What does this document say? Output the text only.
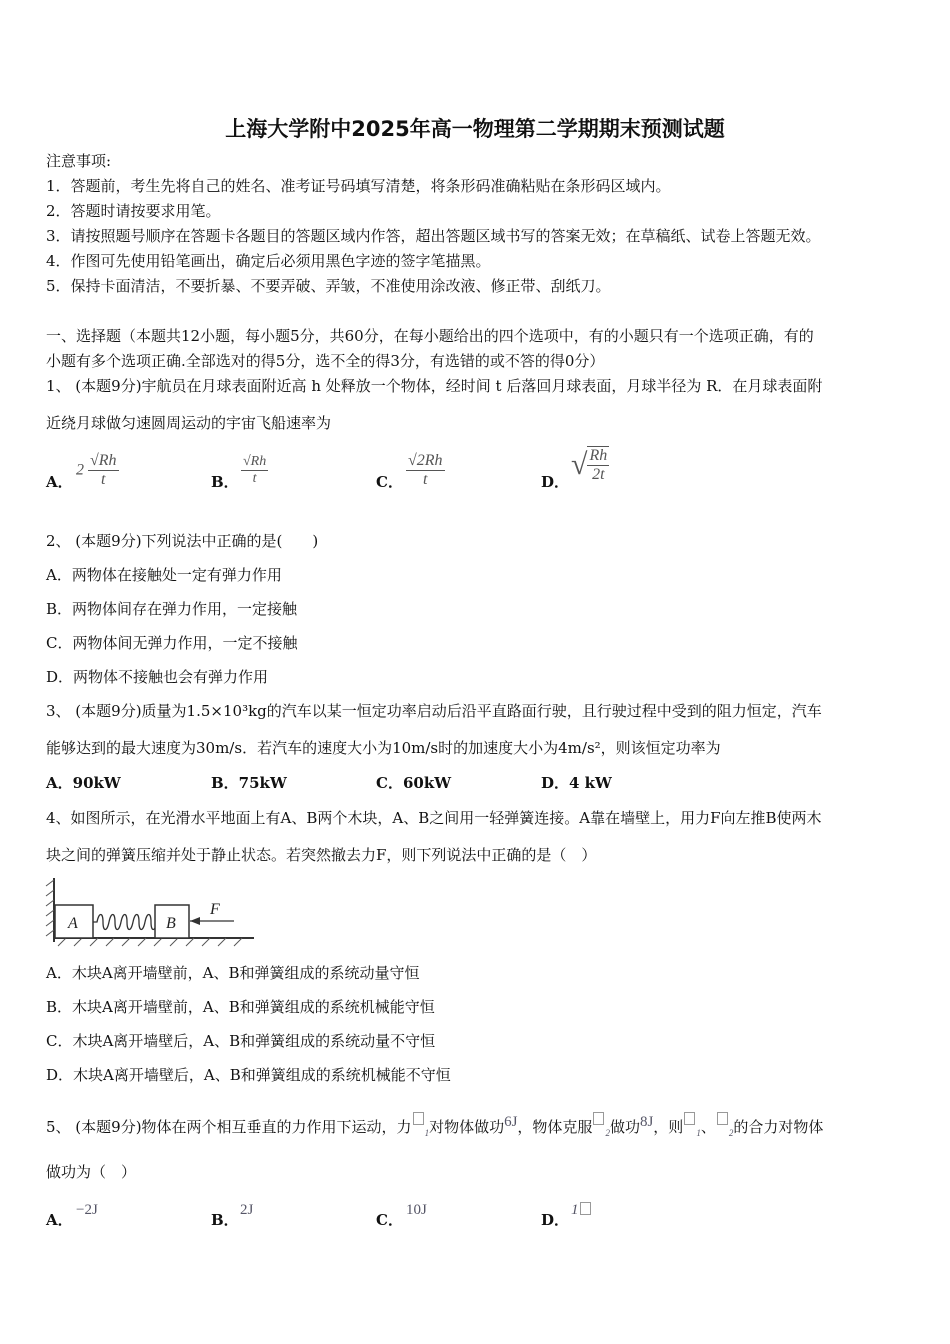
上海大学附中2025年高一物理第二学期期末预测试题
注意事项:
1．答题前，考生先将自己的姓名、准考证号码填写清楚，将条形码准确粘贴在条形码区域内。
2．答题时请按要求用笔。
3．请按照题号顺序在答题卡各题目的答题区域内作答，超出答题区域书写的答案无效；在草稿纸、试卷上答题无效。
4．作图可先使用铅笔画出，确定后必须用黑色字迹的签字笔描黑。
5．保持卡面清洁，不要折暴、不要弄破、弄皱，不准使用涂改液、修正带、刮纸刀。
一、选择题（本题共12小题，每小题5分，共60分，在每小题给出的四个选项中，有的小题只有一个选项正确，有的
小题有多个选项正确.全部选对的得5分，选不全的得3分，有选错的或不答的得0分）
1、 (本题9分)宇航员在月球表面附近高 h 处释放一个物体，经时间 t 后落回月球表面，月球半径为 R．在月球表面附
近绕月球做匀速圆周运动的宇宙飞船速率为
A．
$2 \frac{√Rh}{t}$	B． $\frac{√Rh}{t}$	C． $\frac{√2Rh}{t}$	D．
√ $\frac{Rh}{2t}$
2、 (本题9分)下列说法中正确的是(　　)
A．两物体在接触处一定有弹力作用
B．两物体间存在弹力作用，一定接触
C．两物体间无弹力作用，一定不接触
D．两物体不接触也会有弹力作用
3、 (本题9分)质量为1.5×10³kg的汽车以某一恒定功率启动后沿平直路面行驶，且行驶过程中受到的阻力恒定，汽车
能够达到的最大速度为30m/s．若汽车的速度大小为10m/s时的加速度大小为4m/s²，则该恒定功率为
A．90kW	B．75kW	C．60kW	D．4 kW
4、如图所示，在光滑水平地面上有A、B两个木块，A、B之间用一轻弹簧连接。A靠在墙壁上，用力F向左推B使两木
块之间的弹簧压缩并处于静止状态。若突然撤去力F，则下列说法中正确的是（　）
A	B
F
A．木块A离开墙壁前，A、B和弹簧组成的系统动量守恒
B．木块A离开墙壁前，A、B和弹簧组成的系统机械能守恒
C．木块A离开墙壁后，A、B和弹簧组成的系统动量不守恒
D．木块A离开墙壁后，A、B和弹簧组成的系统机械能不守恒
5、 (本题9分)物体在两个相互垂直的力作用下运动，力 $_1$对物体做功$^{6J}$，物体克服 $_2$做功$^{8J}$，则 $_1$、 $_2$的合力对物体
做功为（　）
A．
−2J
B．
2J
C．
10J
D．
1
